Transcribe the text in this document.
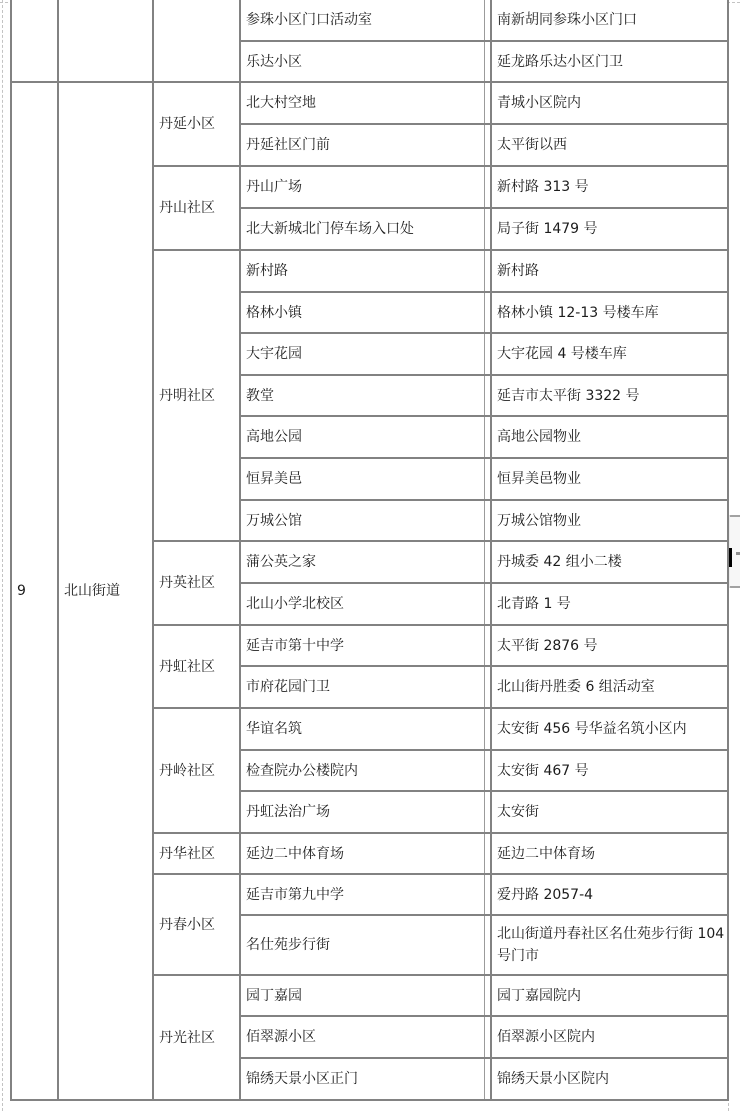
			参珠小区门口活动室		南新胡同参珠小区门口
			乐达小区		延龙路乐达小区门卫
9	北山街道	丹延小区	北大村空地		青城小区院内
			丹延社区门前		太平街以西
		丹山社区	丹山广场		新村路 313 号
			北大新城北门停车场入口处		局子街 1479 号
		丹明社区	新村路		新村路
			格林小镇		格林小镇 12-13 号楼车库
			大宇花园		大宇花园 4 号楼车库
			教堂		延吉市太平街 3322 号
			高地公园		高地公园物业
			恒昇美邑		恒昇美邑物业
			万城公馆		万城公馆物业
		丹英社区	蒲公英之家		丹城委 42 组小二楼
			北山小学北校区		北青路 1 号
		丹虹社区	延吉市第十中学		太平街 2876 号
			市府花园门卫		北山街丹胜委 6 组活动室
		丹岭社区	华谊名筑		太安街 456 号华益名筑小区内
			检查院办公楼院内		太安街 467 号
			丹虹法治广场		太安街
		丹华社区	延边二中体育场		延边二中体育场
		丹春小区	延吉市第九中学		爱丹路 2057-4
			名仕苑步行街		北山街道丹春社区名仕苑步行街 104 号门市
		丹光社区	园丁嘉园		园丁嘉园院内
			佰翠源小区		佰翠源小区院内
			锦绣天景小区正门		锦绣天景小区院内
